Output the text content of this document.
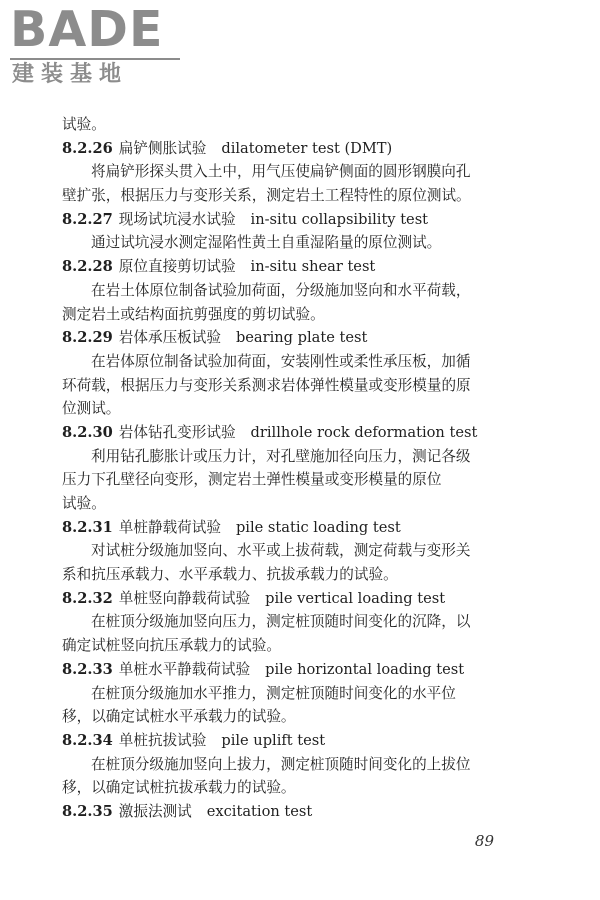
BADE
建装基地
试验。
8.2.26 扁铲侧胀试验 dilatometer test (DMT)
将扁铲形探头贯入土中，用气压使扁铲侧面的圆形钢膜向孔
壁扩张，根据压力与变形关系，测定岩土工程特性的原位测试。
8.2.27 现场试坑浸水试验 in-situ collapsibility test
通过试坑浸水测定湿陷性黄土自重湿陷量的原位测试。
8.2.28 原位直接剪切试验 in-situ shear test
在岩土体原位制备试验加荷面，分级施加竖向和水平荷载，
测定岩土或结构面抗剪强度的剪切试验。
8.2.29 岩体承压板试验 bearing plate test
在岩体原位制备试验加荷面，安装刚性或柔性承压板，加循
环荷载，根据压力与变形关系测求岩体弹性模量或变形模量的原
位测试。
8.2.30 岩体钻孔变形试验 drillhole rock deformation test
利用钻孔膨胀计或压力计，对孔壁施加径向压力，测记各级
压力下孔壁径向变形，测定岩土弹性模量或变形模量的原位
试验。
8.2.31 单桩静载荷试验 pile static loading test
对试桩分级施加竖向、水平或上拔荷载，测定荷载与变形关
系和抗压承载力、水平承载力、抗拔承载力的试验。
8.2.32 单桩竖向静载荷试验 pile vertical loading test
在桩顶分级施加竖向压力，测定桩顶随时间变化的沉降，以
确定试桩竖向抗压承载力的试验。
8.2.33 单桩水平静载荷试验 pile horizontal loading test
在桩顶分级施加水平推力，测定桩顶随时间变化的水平位
移，以确定试桩水平承载力的试验。
8.2.34 单桩抗拔试验 pile uplift test
在桩顶分级施加竖向上拔力，测定桩顶随时间变化的上拔位
移，以确定试桩抗拔承载力的试验。
8.2.35 激振法测试 excitation test
89
